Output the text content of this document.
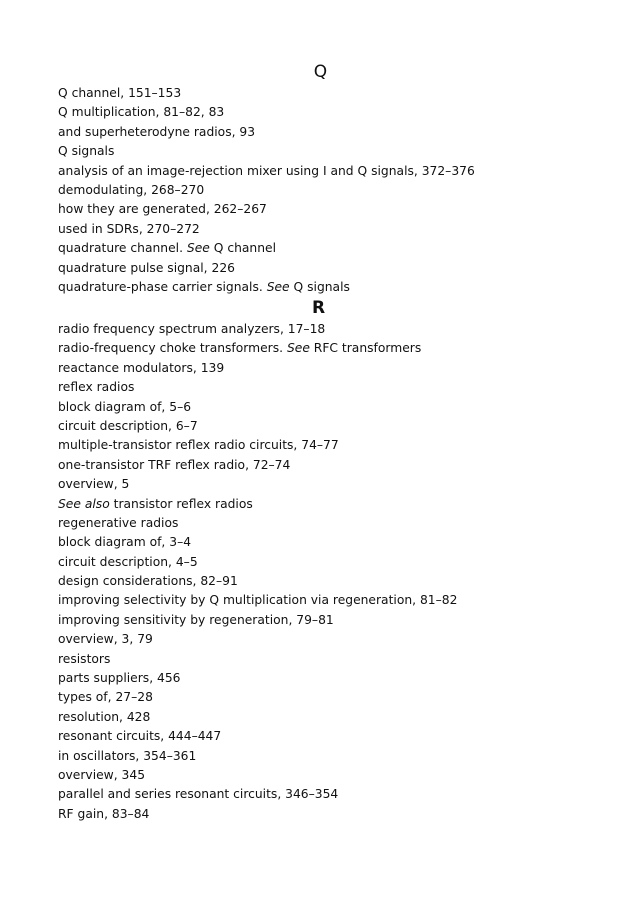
Q
Q channel, 151–153
Q multiplication, 81–82, 83
and superheterodyne radios, 93
Q signals
analysis of an image-rejection mixer using I and Q signals, 372–376
demodulating, 268–270
how they are generated, 262–267
used in SDRs, 270–272
quadrature channel. See Q channel
quadrature pulse signal, 226
quadrature-phase carrier signals. See Q signals
R
radio frequency spectrum analyzers, 17–18
radio-frequency choke transformers. See RFC transformers
reactance modulators, 139
reflex radios
block diagram of, 5–6
circuit description, 6–7
multiple-transistor reflex radio circuits, 74–77
one-transistor TRF reflex radio, 72–74
overview, 5
See also transistor reflex radios
regenerative radios
block diagram of, 3–4
circuit description, 4–5
design considerations, 82–91
improving selectivity by Q multiplication via regeneration, 81–82
improving sensitivity by regeneration, 79–81
overview, 3, 79
resistors
parts suppliers, 456
types of, 27–28
resolution, 428
resonant circuits, 444–447
in oscillators, 354–361
overview, 345
parallel and series resonant circuits, 346–354
RF gain, 83–84
